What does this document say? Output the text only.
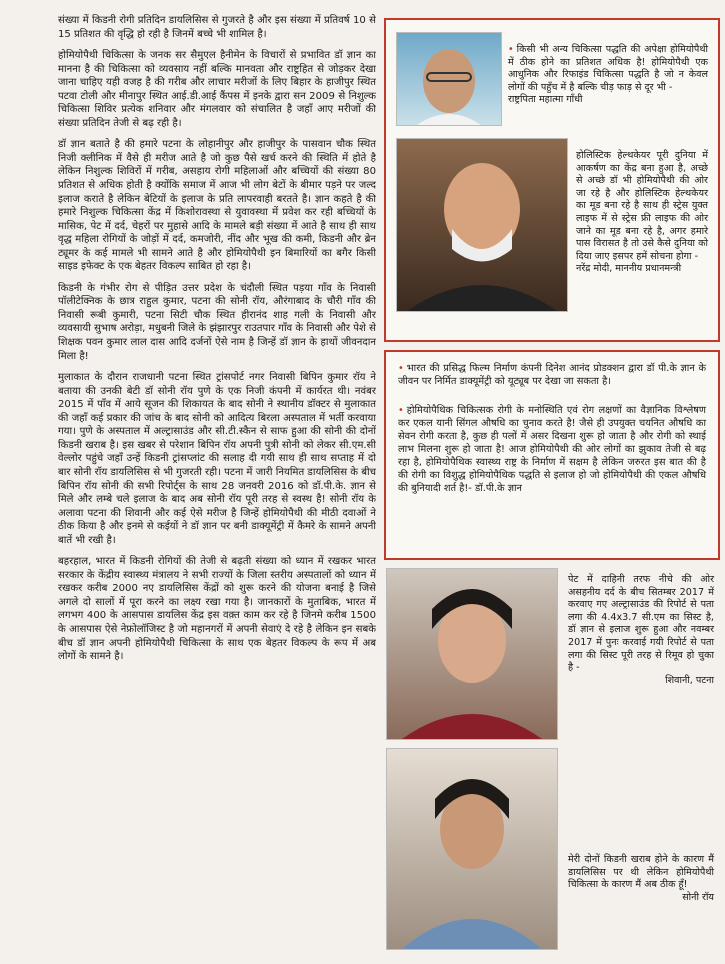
संख्या में किडनी रोगी प्रतिदिन डायलिसिस से गुजरते है और इस संख्या में प्रतिवर्ष 10 से 15 प्रतिशत की वृद्धि हो रही है जिनमें बच्चे भी शामिल है।

होमियोपैथी चिकित्सा के जनक सर सैमुएल हैनीमेन के विचारों से प्रभावित डॉ ज्ञान का मानना है की चिकित्सा को व्यवसाय नहीं बल्कि मानवता और राष्ट्रहित से जोड़कर देखा जाना चाहिए यही वजह है की गरीब और लाचार मरीजों के लिए बिहार के हाजीपुर स्थित पटवा टोली और मीनापुर स्थित आई.डी.आई कैंपस में इनके द्वारा सन 2009 से निशुल्क चिकित्सा शिविर प्रत्येक शनिवार और मंगलवार को संचालित है जहाँ आए मरीजों की संख्या प्रतिदिन तेजी से बढ़ रही है।

डॉ ज्ञान बताते है की हमारे पटना के लोहानीपुर और हाजीपुर के पासवान चौक स्थित निजी क्लीनिक में वैसे ही मरीज आते है जो कुछ पैसे खर्च करने की स्थिति में होते है लेकिन निशुल्क शिविरों में गरीब, असहाय रोगी महिलाओं और बच्चियों की संख्या 80 प्रतिशत से अधिक होती है क्योंकि समाज में आज भी लोग बेटों के बीमार पड़ने पर जल्द इलाज कराते है लेकिन बेटियों के इलाज के प्रति लापरवाही बरतते है। ज्ञान कहते है की हमारे निशुल्क चिकित्सा केंद्र में किशोरावस्था से युवावस्था में प्रवेश कर रही बच्चियों के मासिक, पेट में दर्द, चेहरों पर मुहासे आदि के मामले बड़ी संख्या में आते है साथ ही साथ वृद्ध महिला रोगियों के जोड़ों में दर्द, कमजोरी, नींद और भूख की कमी, किडनी और ब्रेन ट्यूमर के कई मामले भी सामने आते है और होमियोपैथी इन बिमारियों का बगैर किसी साइड इफेक्ट के एक बेहतर विकल्प साबित हो रहा है।

किडनी के गंभीर रोग से पीड़ित उत्तर प्रदेश के चंदौली स्थित पड़या गाँव के निवासी पॉलीटेक्निक के छात्र राहुल कुमार, पटना की सोनी रॉय, औरंगाबाद के चौरी गाँव की निवासी रूबी कुमारी, पटना सिटी चौक स्थित हीरानंद शाह गली के निवासी और व्यवसायी सुभाष अरोड़ा, मधुबनी जिले के झंझारपुर राउतपार गाँव के निवासी और पेशे से शिक्षक पवन कुमार लाल दास आदि दर्जनों ऐसे नाम है जिन्हें डॉ ज्ञान के हाथों जीवनदान मिला है!

मुलाकात के दौरान राजधानी पटना स्थित ट्रांसपोर्ट नगर निवासी बिपिन कुमार रॉय ने बताया की उनकी बेटी डॉ सोनी रॉय पुणे के एक निजी कंपनी में कार्यरत थी। नवंबर 2015 में पाँव में आये सूजन की शिकायत के बाद सोनी ने स्थानीय डॉक्टर से मुलाकात की जहाँ कई प्रकार की जांच के बाद सोनी को आदित्य बिरला अस्पताल में भर्ती करवाया गया। पुणे के अस्पताल में अल्ट्रासाउंड और सी.टी.स्कैन से साफ हुआ की सोनी की दोनों किडनी खराब है। इस खबर से परेशान बिपिन रॉय अपनी पुत्री सोनी को लेकर सी.एम.सी वेल्लोर पहुंचे जहाँ उन्हें किडनी ट्रांसप्लांट की सलाह दी गयी साथ ही साथ सप्ताह में दो बार सोनी रॉय डायलिसिस से भी गुजरती रही। पटना में जारी नियमित डायलिसिस के बीच बिपिन रॉय सोनी की सभी रिपोर्ट्स के साथ 28 जनवरी 2016 को डॉ.पी.के. ज्ञान से मिले और लम्बे चले इलाज के बाद अब सोनी रॉय पूरी तरह से स्वस्थ है! सोनी रॉय के अलावा पटना की शिवानी और कई ऐसे मरीज है जिन्हें होमियोपैथी की मीठी दवाओं ने ठीक किया है और इनमे से कईयों ने डॉ ज्ञान पर बनी डाक्यूमेंट्री में कैमरे के सामने अपनी बातें भी रखी है।

बहरहाल, भारत में किडनी रोगियों की तेजी से बढ़ती संख्या को ध्यान में रखकर भारत सरकार के केंद्रीय स्वास्थ्य मंत्रालय ने सभी राज्यों के जिला स्तरीय अस्पतालों को ध्यान में रखकर करीब 2000 नए डायलिसिस केंद्रों को शुरू करने की योजना बनाई है जिसे अगले दो सालों में पूरा करने का लक्ष्य रखा गया है। जानकारों के मुताबिक, भारत में लगभग 400 के आसपास डायलिस केंद्र इस वक़्त काम कर रहे है जिनमे करीब 1500 के आसपास ऐसे नेफ्रोलॉजिस्ट है जो महानगरों में अपनी सेवाएं दे रहे है लेकिन इन सबके बीच डॉ ज्ञान अपनी होमियोपैथी चिकित्सा के साथ एक बेहतर विकल्प के रूप में अब लोगों के सामने है।

• किसी भी अन्य चिकित्सा पद्धति की अपेक्षा होमियोपैथी में ठीक होने का प्रतिशत अधिक है! होमियोपैथी एक आधुनिक और रिफाइंड चिकित्सा पद्धति है जो न केवल लोगों की पहुँच में है बल्कि चीड़ फाड़ से दूर भी -
राष्ट्रपिता महात्मा गाँधी
होलिस्टिक हेल्थकेयर पूरी दुनिया में आकर्षण का केंद्र बना हुआ है, अच्छे से अच्छे डॉ भी होमियोपैथी की ओर जा रहे है और होलिस्टिक हेल्थकेयर का मूड बना रहे है साथ ही स्ट्रेस युक्त लाइफ में से स्ट्रेस फ्री लाइफ की ओर जाने का मूड बना रहे है, अगर हमारे पास विरासत है तो उसे कैसे दुनिया को दिया जाए इसपर हमें सोचना होगा -
नरेंद्र मोदी, माननीय प्रधानमन्त्री
• भारत की प्रसिद्ध फिल्म निर्माण कंपनी दिनेश आनंद प्रोडक्शन द्वारा डॉ पी.के ज्ञान के जीवन पर निर्मित डाक्यूमेंट्री को यूट्यूब पर देखा जा सकता है।
• होमियोपैथिक चिकित्सक रोगी के मनोस्थिति एवं रोग लक्षणों का वैज्ञानिक विश्लेषण कर एकल यानी सिंगल औषधि का चुनाव करते है! जैसे ही उपयुक्त चयनित औषधि का सेवन रोगी करता है, कुछ ही पलों में असर दिखना शुरू हो जाता है और रोगी को स्थाई लाभ मिलना शुरू हो जाता है! आज होमियोपैथी की ओर लोगों का झुकाव तेजी से बढ़ रहा है, होमियोपैथिक स्वास्थ्य राष्ट्र के निर्माण में सक्षम है लेकिन जरुरत इस बात की है की रोगी का विशुद्ध होमियोपैथिक पद्धति से इलाज हो जो होमियोपैथी की एकल औषधि की बुनियादी शर्त है!- डॉ.पी.के ज्ञान
पेट में दाहिनी तरफ नीचे की ओर असहनीय दर्द के बीच सितम्बर 2017 में करवाए गए अल्ट्रासाउंड की रिपोर्ट से पता लगा की 4.4x3.7 सी.एम का सिस्ट है, डॉ ज्ञान से इलाज शुरू हुआ और नवम्बर 2017 में पुनः करवाई गयी रिपोर्ट से पता लगा की सिस्ट पूरी तरह से रिमूव हो चुका है -
शिवानी, पटना
मेरी दोनों किडनी खराब होने के कारण मैं डायलिसिस पर थी लेकिन होमियोपैथी चिकित्सा के कारण मैं अब ठीक हूँ!
सोनी रॉय
